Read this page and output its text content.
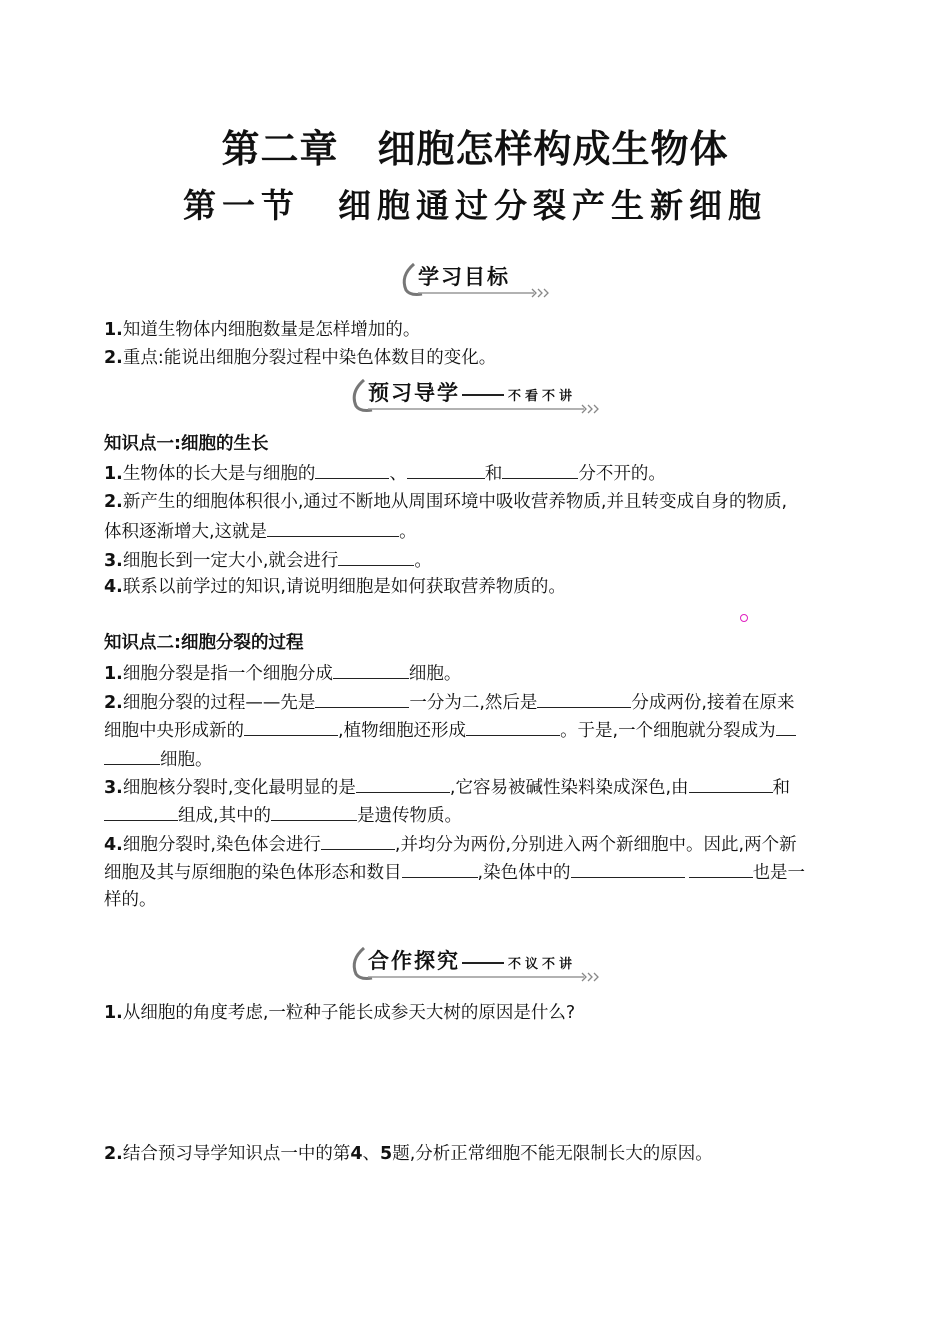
第二章　细胞怎样构成生物体
第一节 细胞通过分裂产生新细胞
学习目标
1.知道生物体内细胞数量是怎样增加的。
2.重点:能说出细胞分裂过程中染色体数目的变化。
预习导学	不看不讲
知识点一:细胞的生长
1.生物体的长大是与细胞的	、	和	分不开的。
2.新产生的细胞体积很小,通过不断地从周围环境中吸收营养物质,并且转变成自身的物质,
体积逐渐增大,这就是	。
3.细胞长到一定大小,就会进行	。
4.联系以前学过的知识,请说明细胞是如何获取营养物质的。
知识点二:细胞分裂的过程
1.细胞分裂是指一个细胞分成	细胞。
2.细胞分裂的过程——先是	一分为二,然后是	分成两份,接着在原来
细胞中央形成新的	,植物细胞还形成	。于是,一个细胞就分裂成为
细胞。
3.细胞核分裂时,变化最明显的是	,它容易被碱性染料染成深色,由	和
组成,其中的	是遗传物质。
4.细胞分裂时,染色体会进行	,并均分为两份,分别进入两个新细胞中。因此,两个新
细胞及其与原细胞的染色体形态和数目	,染色体中的	也是一
样的。
合作探究	不议不讲
1.从细胞的角度考虑,一粒种子能长成参天大树的原因是什么?
2.结合预习导学知识点一中的第4、5题,分析正常细胞不能无限制长大的原因。
